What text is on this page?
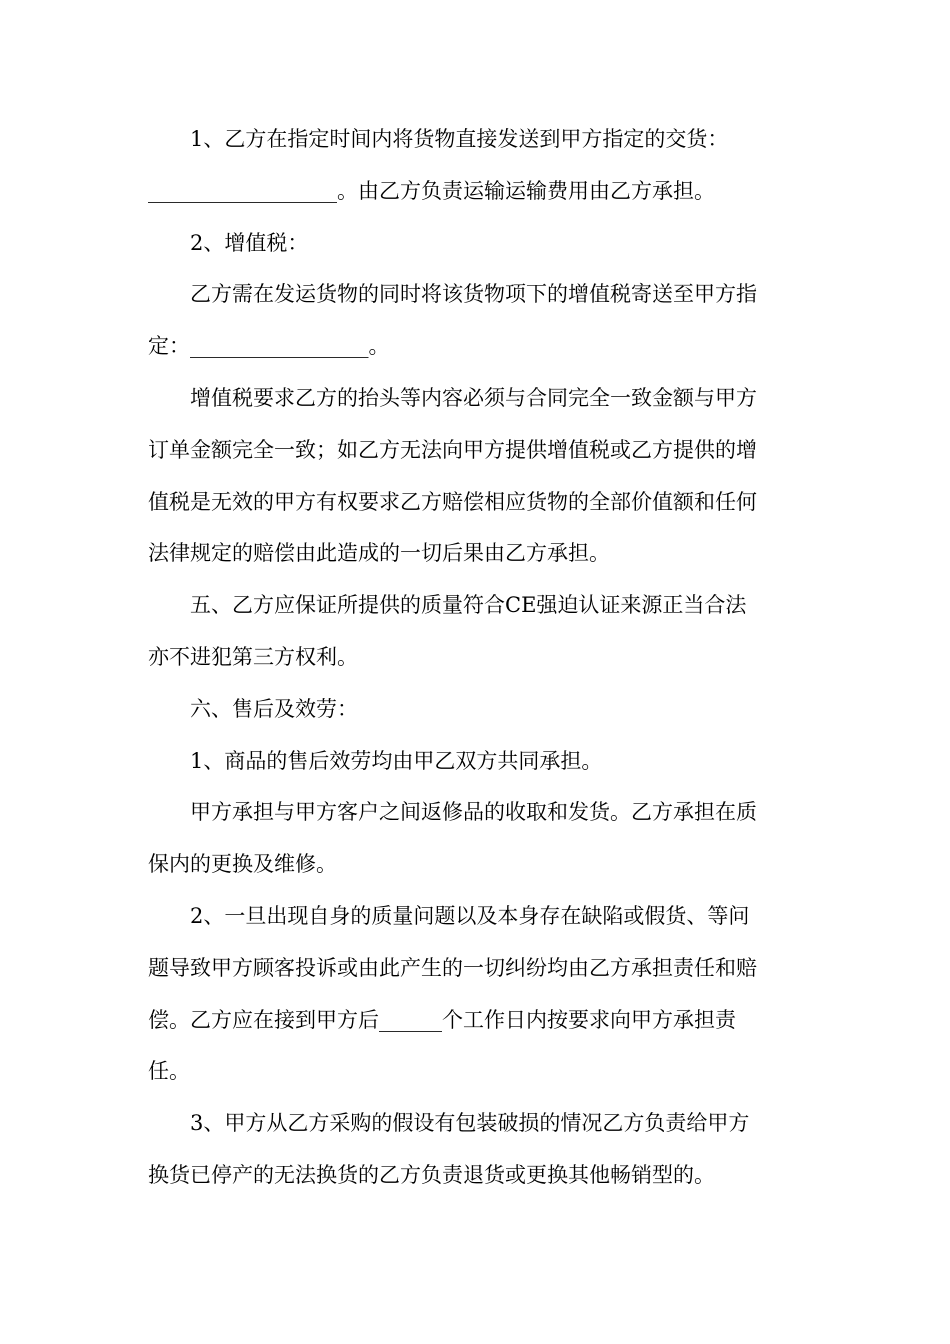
1、乙方在指定时间内将货物直接发送到甲方指定的交货：

__________________。由乙方负责运输运输费用由乙方承担。

2、增值税：

乙方需在发运货物的同时将该货物项下的增值税寄送至甲方指

定：_________________。

增值税要求乙方的抬头等内容必须与合同完全一致金额与甲方

订单金额完全一致；如乙方无法向甲方提供增值税或乙方提供的增

值税是无效的甲方有权要求乙方赔偿相应货物的全部价值额和任何

法律规定的赔偿由此造成的一切后果由乙方承担。

五、乙方应保证所提供的质量符合CE强迫认证来源正当合法

亦不进犯第三方权利。

六、售后及效劳：

1、商品的售后效劳均由甲乙双方共同承担。

甲方承担与甲方客户之间返修品的收取和发货。乙方承担在质

保内的更换及维修。

2、一旦出现自身的质量问题以及本身存在缺陷或假货、等问

题导致甲方顾客投诉或由此产生的一切纠纷均由乙方承担责任和赔

偿。乙方应在接到甲方后______个工作日内按要求向甲方承担责

任。

3、甲方从乙方采购的假设有包装破损的情况乙方负责给甲方

换货已停产的无法换货的乙方负责退货或更换其他畅销型的。
